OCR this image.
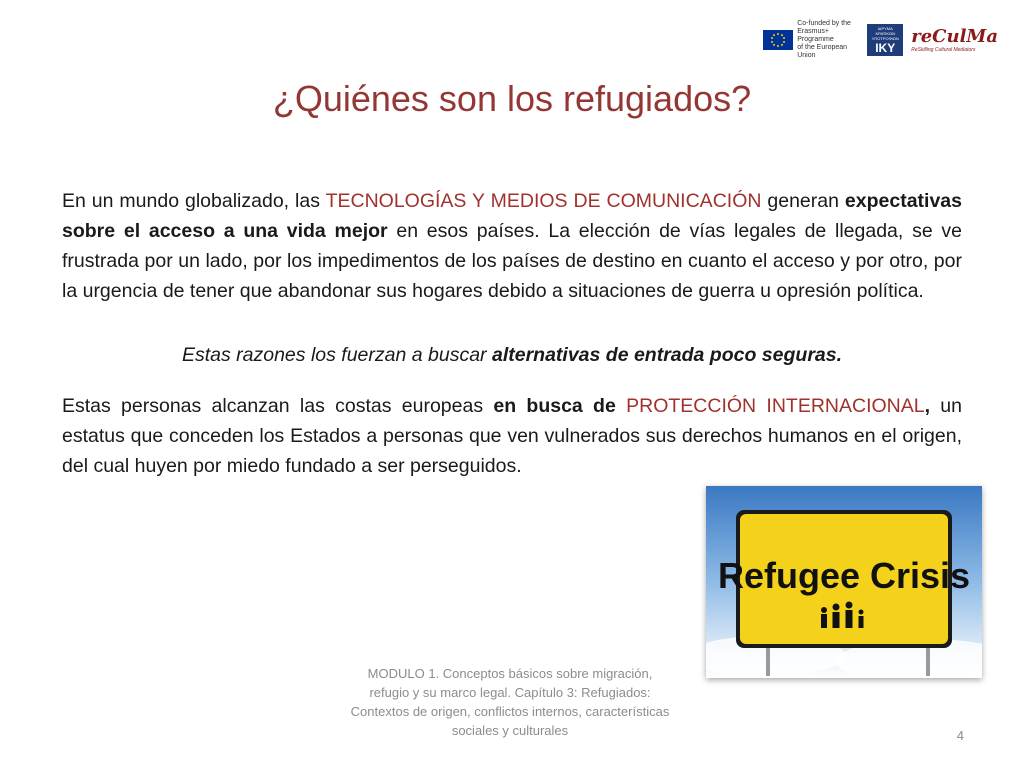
Co-funded by the
Erasmus+ Programme
of the European Union
ΙΔΡΥΜΑ
ΚΡΑΤΙΚΩΝ
ΥΠΟΤΡΟΦΙΩΝ
IKY
reCulMa
ReSkilling Cultural Mediators
¿Quiénes son los refugiados?
En un mundo globalizado, las TECNOLOGÍAS Y MEDIOS DE COMUNICACIÓN generan expectativas sobre el acceso a una vida mejor en esos países. La elección de vías legales de llegada, se ve frustrada por un lado, por los impedimentos de los países de destino en cuanto el acceso y por otro, por la urgencia de tener que abandonar sus hogares debido a situaciones de guerra u opresión política.
Estas razones los fuerzan a buscar alternativas de entrada poco seguras.
Estas personas alcanzan las costas europeas en busca de PROTECCIÓN INTERNACIONAL, un estatus que conceden los Estados a personas que ven vulnerados sus derechos humanos en el origen, del cual huyen por miedo fundado a ser perseguidos.
Refugee Crisis
MODULO 1. Conceptos básicos sobre migración, refugio y su marco legal. Capítulo 3: Refugiados: Contextos de origen, conflictos internos, características sociales y culturales	4
